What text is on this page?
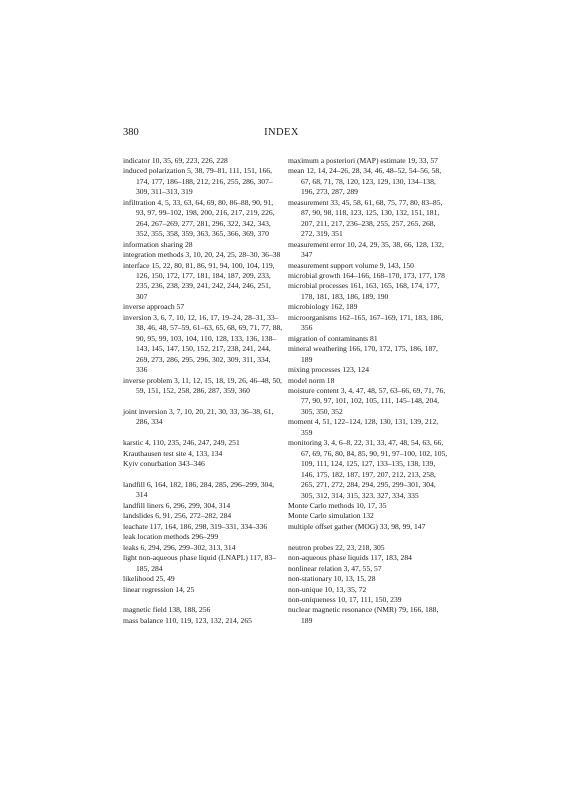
380	INDEX
indicator 10, 35, 69, 223, 226, 228
induced polarization 5, 38, 79–81, 111, 151, 166, 174, 177, 186–188, 212, 216, 255, 286, 307–309, 311–313, 319
infiltration 4, 5, 33, 63, 64, 69, 80, 86–88, 90, 91, 93, 97, 99–102, 198, 200, 216, 217, 219, 226, 264, 267–269, 277, 281, 296, 322, 342, 343, 352, 355, 358, 359, 363, 365, 366, 369, 370
information sharing 28
integration methods 3, 10, 20, 24, 25, 28–30, 36–38
interface 15, 22, 80, 81, 86, 91, 94, 100, 104, 119, 126, 150, 172, 177, 181, 184, 187, 209, 233, 235, 236, 238, 239, 241, 242, 244, 246, 251, 307
inverse approach 57
inversion 3, 6, 7, 10, 12, 16, 17, 19–24, 28–31, 33–38, 46, 48, 57–59, 61–63, 65, 68, 69, 71, 77, 88, 90, 95, 99, 103, 104, 110, 128, 133, 136, 138–143, 145, 147, 150, 152, 217, 238, 241, 244, 269, 273, 286, 295, 296, 302, 309, 311, 334, 336
inverse problem 3, 11, 12, 15, 18, 19, 26, 46–48, 50, 59, 151, 152, 258, 286, 287, 359, 360
joint inversion 3, 7, 10, 20, 21, 30, 33, 36–38, 61, 286, 334
karstic 4, 110, 235, 246, 247, 249, 251
Krauthausen test site 4, 133, 134
Kyiv conurbation 343–346
landfill 6, 164, 182, 186, 284, 285, 296–299, 304, 314
landfill liners 6, 296, 299, 304, 314
landslides 6, 91, 256, 272–282, 284
leachate 117, 164, 186, 298, 319–331, 334–336
leak location methods 296–299
leaks 6, 294, 296, 299–302, 313, 314
light non-aqueous phase liquid (LNAPL) 117, 83–185, 284
likelihood 25, 49
linear regression 14, 25
magnetic field 138, 188, 256
mass balance 110, 119, 123, 132, 214, 265
maximum a posteriori (MAP) estimate 19, 33, 57
mean 12, 14, 24–26, 28, 34, 46, 48–52, 54–56, 58, 67, 68, 71, 78, 120, 123, 129, 130, 134–138, 196, 273, 287, 289
measurement 33, 45, 58, 61, 68, 75, 77, 80, 83–85, 87, 90, 98, 118, 123, 125, 130, 132, 151, 181, 207, 211, 217, 236–238, 255, 257, 265, 268, 272, 319, 351
measurement error 10, 24, 29, 35, 38, 66, 128, 132, 347
measurement support volume 9, 143, 150
microbial growth 164–166, 168–170, 173, 177, 178
microbial processes 161, 163, 165, 168, 174, 177, 178, 181, 183, 186, 189, 190
microbiology 162, 189
microorganisms 162–165, 167–169, 171, 183, 186, 356
migration of contaminants 81
mineral weathering 166, 170, 172, 175, 186, 187, 189
mixing processes 123, 124
model norm 18
moisture content 3, 4, 47, 48, 57, 63–66, 69, 71, 76, 77, 90, 97, 101, 102, 105, 111, 145–148, 204, 305, 350, 352
moment 4, 51, 122–124, 128, 130, 131, 139, 212, 359
monitoring 3, 4, 6–8, 22, 31, 33, 47, 48, 54, 63, 66, 67, 69, 76, 80, 84, 85, 90, 91, 97–100, 102, 105, 109, 111, 124, 125, 127, 133–135, 138, 139, 146, 175, 182, 187, 197, 207, 212, 213, 258, 265, 271, 272, 284, 294, 295, 299–301, 304, 305, 312, 314, 315, 323, 327, 334, 335
Monte Carlo methods 10, 17, 35
Monte Carlo simulation 132
multiple offset gather (MOG) 33, 98, 99, 147
neutron probes 22, 23, 218, 305
non-aqueous phase liquids 117, 183, 284
nonlinear relation 3, 47, 55, 57
non-stationary 10, 13, 15, 28
non-unique 10, 13, 35, 72
non-uniqueness 10, 17, 111, 150, 239
nuclear magnetic resonance (NMR) 79, 166, 188, 189
